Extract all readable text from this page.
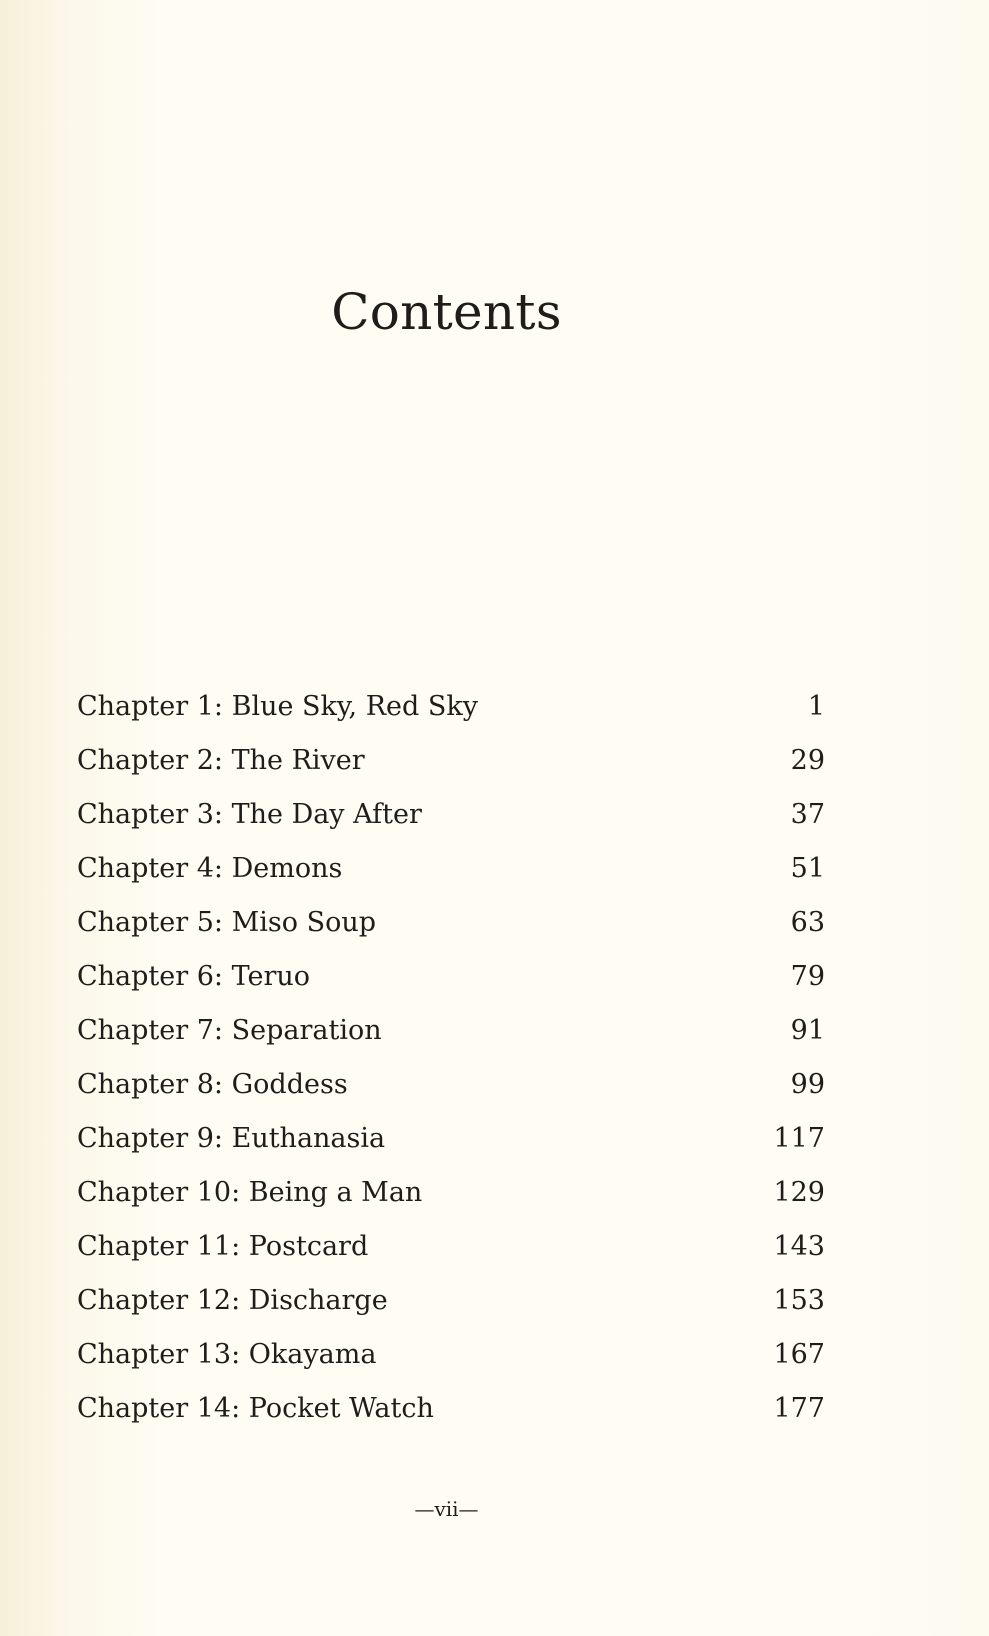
Contents
Chapter 1: Blue Sky, Red Sky	1
Chapter 2: The River	29
Chapter 3: The Day After	37
Chapter 4: Demons	51
Chapter 5: Miso Soup	63
Chapter 6: Teruo	79
Chapter 7: Separation	91
Chapter 8: Goddess	99
Chapter 9: Euthanasia	117
Chapter 10: Being a Man	129
Chapter 11: Postcard	143
Chapter 12: Discharge	153
Chapter 13: Okayama	167
Chapter 14: Pocket Watch	177
—vii—
